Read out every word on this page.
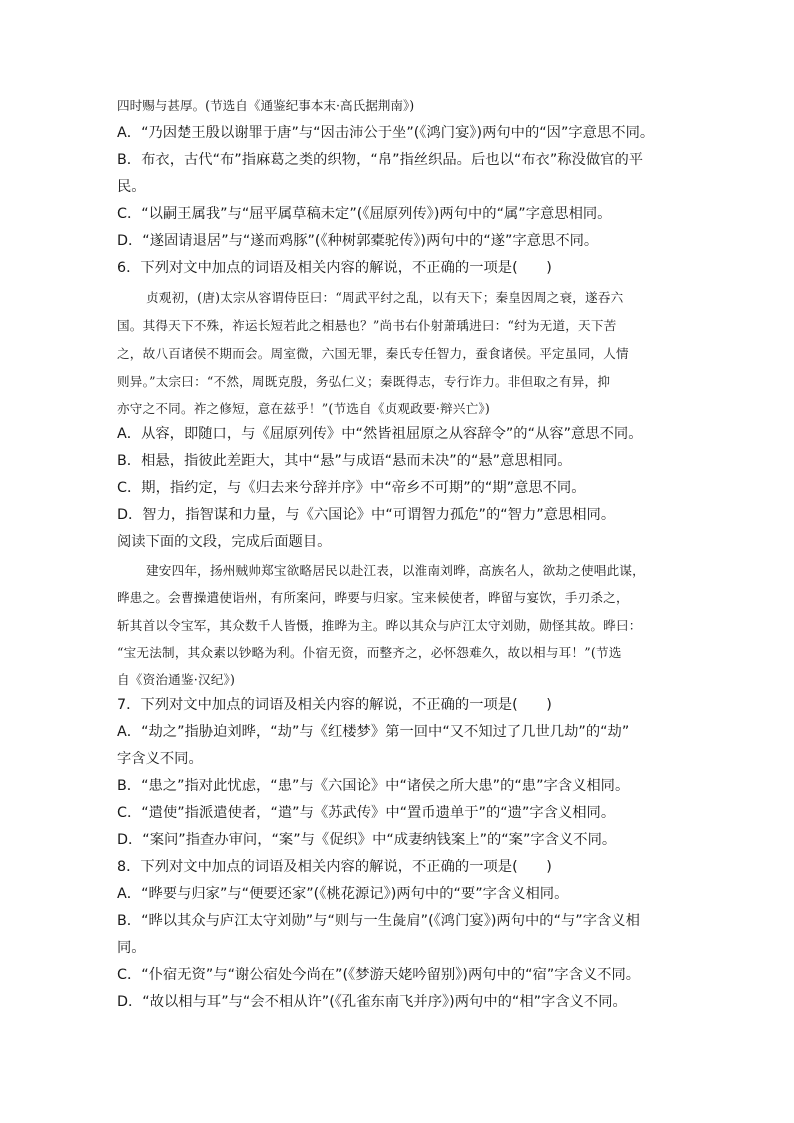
四时赐与甚厚。(节选自《通鉴纪事本末·高氏据荆南》)
A．“乃因楚王殷以谢罪于唐”与“因击沛公于坐”(《鸿门宴》)两句中的“因”字意思不同。
B．布衣，古代“布”指麻葛之类的织物，“帛”指丝织品。后也以“布衣”称没做官的平
民。
C．“以嗣王属我”与“屈平属草稿未定”(《屈原列传》)两句中的“属”字意思相同。
D．“遂固请退居”与“遂而鸡豚”(《种树郭橐驼传》)两句中的“遂”字意思不同。
6．下列对文中加点的词语及相关内容的解说，不正确的一项是(　　)
贞观初，(唐)太宗从容谓侍臣曰：“周武平纣之乱，以有天下；秦皇因周之衰，遂吞六
国。其得天下不殊，祚运长短若此之相悬也？”尚书右仆射萧瑀进曰：“纣为无道，天下苦
之，故八百诸侯不期而会。周室微，六国无罪，秦氏专任智力，蚕食诸侯。平定虽同，人情
则异。”太宗曰：“不然，周既克殷，务弘仁义；秦既得志，专行诈力。非但取之有异，抑
亦守之不同。祚之修短，意在兹乎！”(节选自《贞观政要·辩兴亡》)
A．从容，即随口，与《屈原列传》中“然皆祖屈原之从容辞令”的“从容”意思不同。
B．相悬，指彼此差距大，其中“悬”与成语“悬而未决”的“悬”意思相同。
C．期，指约定，与《归去来兮辞并序》中“帝乡不可期”的“期”意思不同。
D．智力，指智谋和力量，与《六国论》中“可谓智力孤危”的“智力”意思相同。
阅读下面的文段，完成后面题目。
建安四年，扬州贼帅郑宝欲略居民以赴江表，以淮南刘晔，高族名人，欲劫之使唱此谋，
晔患之。会曹操遣使诣州，有所案问，晔要与归家。宝来候使者，晔留与宴饮，手刃杀之，
斩其首以令宝军，其众数千人皆慑，推晔为主。晔以其众与庐江太守刘勋，勋怪其故。晔曰：
“宝无法制，其众素以钞略为利。仆宿无资，而整齐之，必怀怨难久，故以相与耳！”(节选
自《资治通鉴·汉纪》)
7．下列对文中加点的词语及相关内容的解说，不正确的一项是(　　)
A．“劫之”指胁迫刘晔，“劫”与《红楼梦》第一回中“又不知过了几世几劫”的“劫”
字含义不同。
B．“患之”指对此忧虑，“患”与《六国论》中“诸侯之所大患”的“患”字含义相同。
C．“遣使”指派遣使者，“遣”与《苏武传》中“置币遗单于”的“遗”字含义相同。
D．“案问”指查办审问，“案”与《促织》中“成妻纳钱案上”的“案”字含义不同。
8．下列对文中加点的词语及相关内容的解说，不正确的一项是(　　)
A．“晔要与归家”与“便要还家”(《桃花源记》)两句中的“要”字含义相同。
B．“晔以其众与庐江太守刘勋”与“则与一生彘肩”(《鸿门宴》)两句中的“与”字含义相
同。
C．“仆宿无资”与“谢公宿处今尚在”(《梦游天姥吟留别》)两句中的“宿”字含义不同。
D．“故以相与耳”与“会不相从许”(《孔雀东南飞并序》)两句中的“相”字含义不同。
